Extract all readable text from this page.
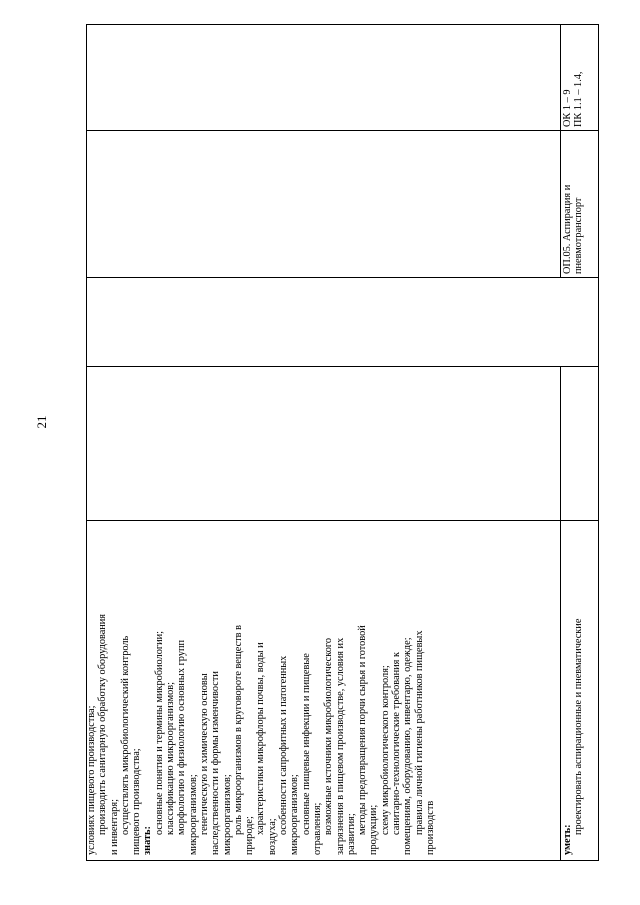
21
условиях пищевого производства; производить санитарную обработку оборудования и инвентаря; осуществлять микробиологический контроль пищевого производства; знать:
основные понятия и термины микробиологии; классификацию микроорганизмов; морфологию и физиологию основных групп микроорганизмов; генетическую и химическую основы наследственности и формы изменчивости микроорганизмов; роль микроорганизмов в круговороте веществ в
природе;
характеристики микрофлоры почвы, воды и
воздуха;
особенности сапрофитных и патогенных микроорганизмов; основные пищевые инфекции и пищевые отравления; возможные источники микробиологического загрязнения в пищевом производстве, условия их развития; методы предотвращения порчи сырья и готовой продукции; схему микробиологического контроля; санитарно-технологические требования к помещениям, оборудованию, инвентарю, одежде; правила личной гигиены работников пищевых производств	уметь:
проектировать аспирационные и пневматические
ОП.05. Аспирация и пневмотранспорт
ОК 1 – 9 ПК 1.1 – 1.4,
